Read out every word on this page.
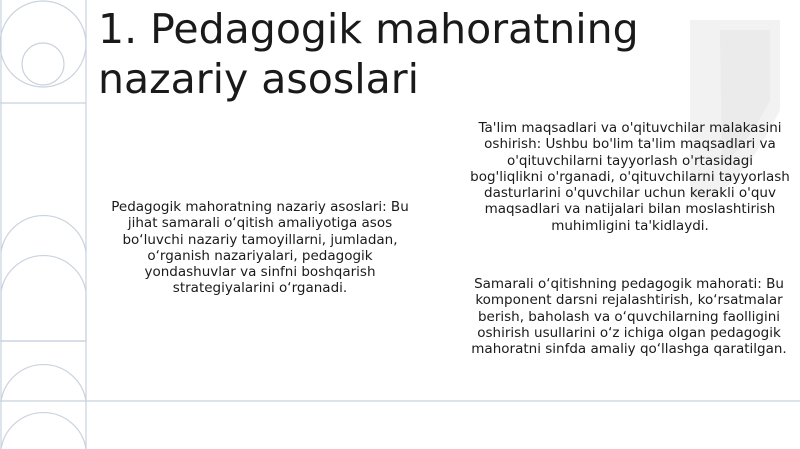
1. Pedagogik mahoratning nazariy asoslari

Pedagogik mahoratning nazariy asoslari: Bu jihat samarali o‘qitish amaliyotiga asos bo‘luvchi nazariy tamoyillarni, jumladan, o‘rganish nazariyalari, pedagogik yondashuvlar va sinfni boshqarish strategiyalarini o‘rganadi.

Ta'lim maqsadlari va o'qituvchilar malakasini oshirish: Ushbu bo'lim ta'lim maqsadlari va o'qituvchilarni tayyorlash o'rtasidagi bog'liqlikni o'rganadi, o'qituvchilarni tayyorlash dasturlarini o'quvchilar uchun kerakli o'quv maqsadlari va natijalari bilan moslashtirish muhimligini ta'kidlaydi.

Samarali o‘qitishning pedagogik mahorati: Bu komponent darsni rejalashtirish, ko‘rsatmalar berish, baholash va o‘quvchilarning faolligini oshirish usullarini o‘z ichiga olgan pedagogik mahoratni sinfda amaliy qo‘llashga qaratilgan.
